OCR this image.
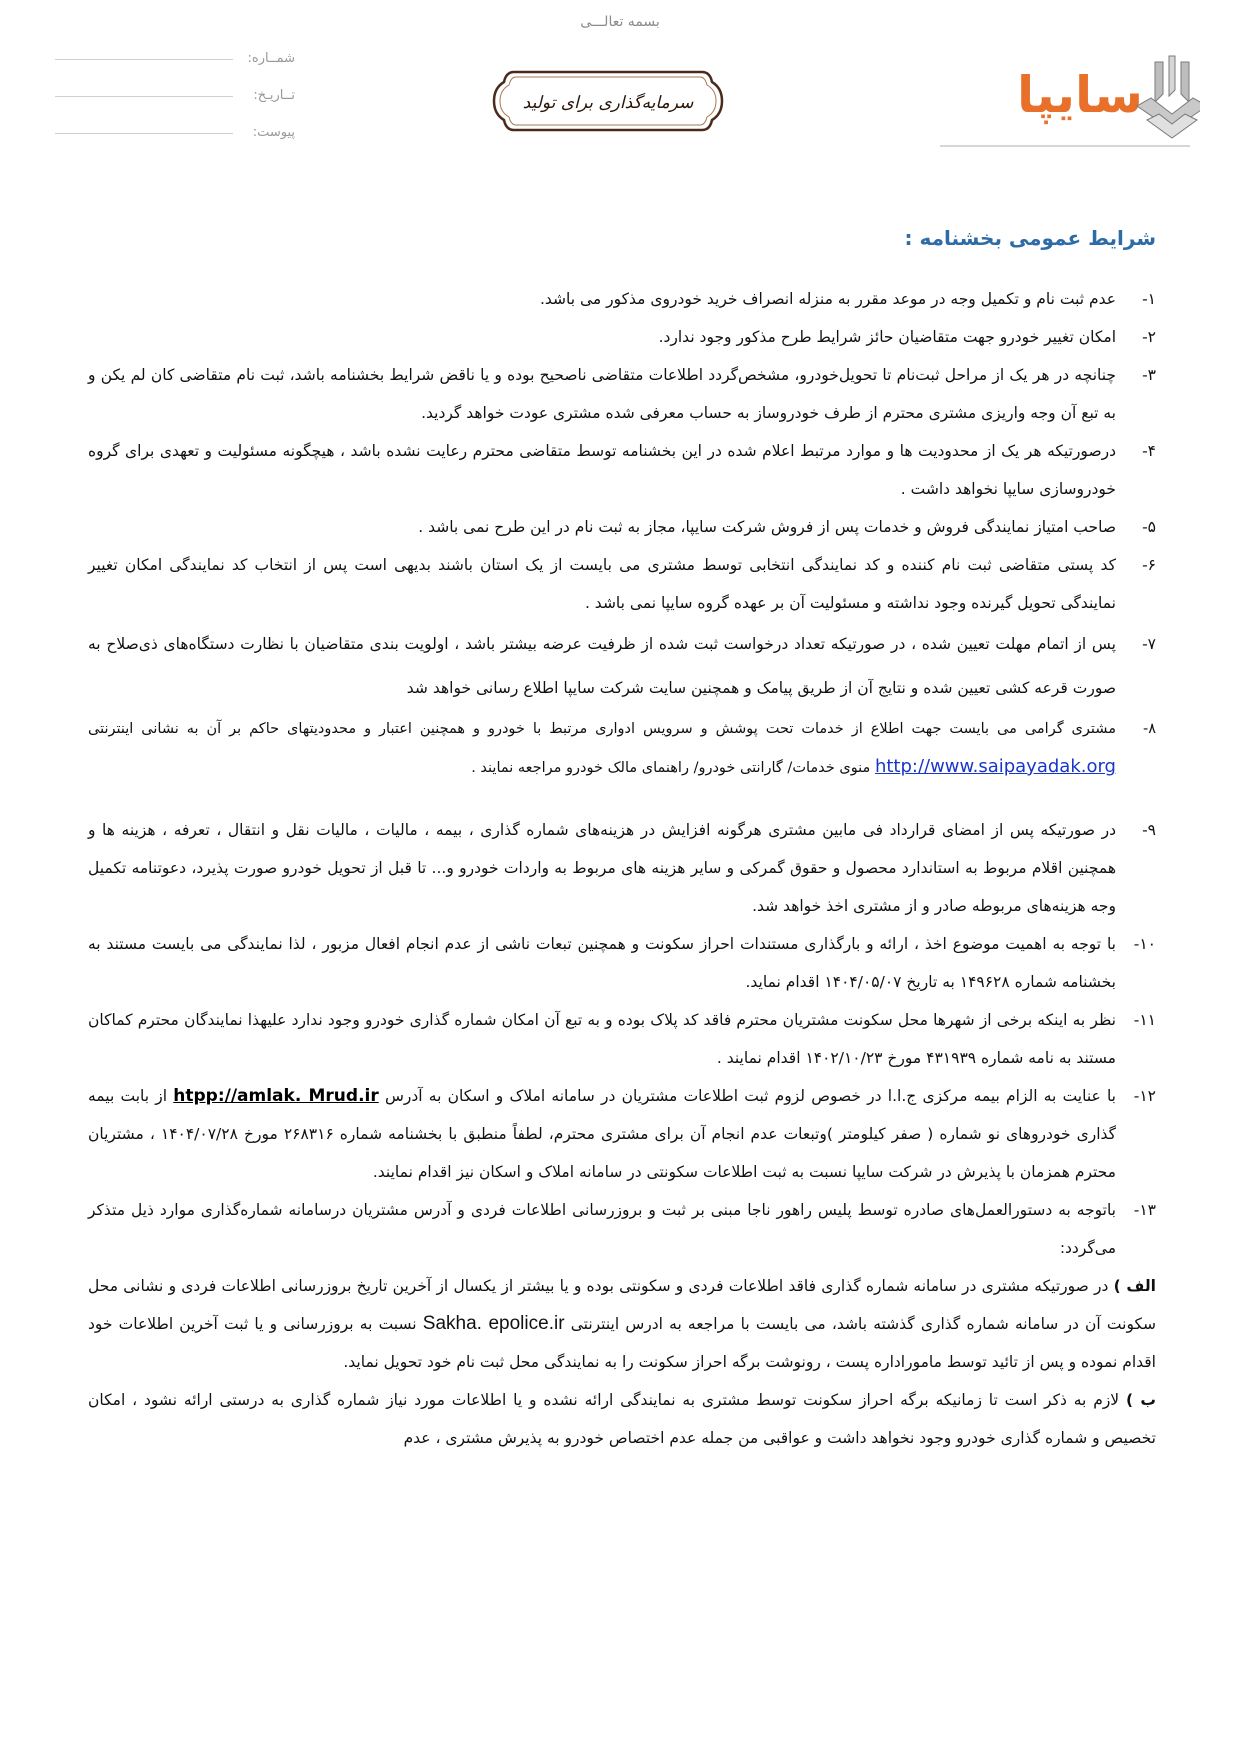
بسمه تعالـــی
شمــاره:
تــاریـخ:
پیوست:
سرمایه‌گذاری برای تولید	سایپا
شرایط عمومی بخشنامه :
۱-
عدم ثبت نام و تکمیل وجه در موعد مقرر به منزله انصراف خرید خودروی مذکور می باشد.
۲-
امکان تغییر خودرو جهت متقاضیان حائز شرایط طرح مذکور وجود ندارد.
۳-
چنانچه در هر یک از مراحل ثبت‌نام تا تحویل‌خودرو، مشخص‌گردد اطلاعات متقاضی ناصحیح بوده و یا ناقض شرایط بخشنامه باشد، ثبت نام متقاضی کان لم یکن و به تبع آن وجه واریزی مشتری محترم از طرف خودروساز به حساب معرفی شده مشتری عودت خواهد گردید.
۴-
درصورتیکه هر یک از محدودیت ها و موارد مرتبط اعلام شده در این بخشنامه توسط متقاضی محترم رعایت نشده باشد ، هیچگونه مسئولیت و تعهدی برای گروه خودروسازی سایپا نخواهد داشت .
۵-
صاحب امتیاز نمایندگی فروش و خدمات پس از فروش شرکت سایپا، مجاز به ثبت نام در این طرح نمی باشد .
۶-
کد پستی متقاضی ثبت نام کننده و کد نمایندگی انتخابی توسط مشتری می بایست از یک استان باشند بدیهی است پس از انتخاب کد نمایندگی امکان تغییر نمایندگی تحویل گیرنده وجود نداشته و مسئولیت آن بر عهده گروه سایپا نمی باشد .
۷-
پس از اتمام مهلت تعیین شده ، در صورتیکه تعداد درخواست ثبت شده از ظرفیت عرضه بیشتر باشد ، اولویت بندی متقاضیان با نظارت دستگاه‌های ذی‌صلاح به صورت قرعه کشی تعیین شده و نتایج آن از طریق پیامک و همچنین سایت شرکت سایپا اطلاع رسانی خواهد شد
۸-
مشتری گرامی می بایست جهت اطلاع از خدمات تحت پوشش و سرویس ادواری مرتبط با خودرو و همچنین اعتبار و محدودیتهای حاکم بر آن به نشانی اینترنتی http://www.saipayadak.org منوی خدمات/ گارانتی خودرو/ راهنمای مالک خودرو مراجعه نمایند .
۹-
در صورتیکه پس از امضای قرارداد فی مابین مشتری هرگونه افزایش در هزینه‌های شماره گذاری ، بیمه ، مالیات ، مالیات نقل و انتقال ، تعرفه ، هزینه ها و همچنین اقلام مربوط به استاندارد محصول و حقوق گمرکی و سایر هزینه های مربوط به واردات خودرو و... تا قبل از تحویل خودرو صورت پذیرد، دعوتنامه تکمیل وجه هزینه‌های مربوطه صادر و از مشتری اخذ خواهد شد.
۱۰-
با توجه به اهمیت موضوع اخذ ، ارائه و بارگذاری مستندات احراز سکونت و همچنین تبعات ناشی از عدم انجام افعال مزبور ، لذا نمایندگی می بایست مستند به بخشنامه شماره ۱۴۹۶۲۸ به تاریخ ۱۴۰۴/۰۵/۰۷ اقدام نماید.
۱۱-
نظر به اینکه برخی از شهرها محل سکونت مشتریان محترم فاقد کد پلاک بوده و به تبع آن امکان شماره گذاری خودرو وجود ندارد علیهذا نمایندگان محترم کماکان مستند به نامه شماره ۴۳۱۹۳۹ مورخ ۱۴۰۲/۱۰/۲۳ اقدام نمایند .
۱۲-
با عنایت به الزام بیمه مرکزی ج.ا.ا در خصوص لزوم ثبت اطلاعات مشتریان در سامانه املاک و اسکان به آدرس htpp://amlak. Mrud.ir از بابت بیمه گذاری خودروهای نو شماره ( صفر کیلومتر )وتبعات عدم انجام آن برای مشتری محترم، لطفاً منطبق با بخشنامه شماره ۲۶۸۳۱۶ مورخ ۱۴۰۴/۰۷/۲۸ ، مشتریان محترم همزمان با پذیرش در شرکت سایپا نسبت به ثبت اطلاعات سکونتی در سامانه املاک و اسکان نیز اقدام نمایند.
۱۳-
باتوجه به دستورالعمل‌های صادره توسط پلیس راهور ناجا مبنی بر ثبت و بروزرسانی اطلاعات فردی و آدرس مشتریان درسامانه شماره‌گذاری موارد ذیل متذکر می‌گردد:
الف ) در صورتیکه مشتری در سامانه شماره گذاری فاقد اطلاعات فردی و سکونتی بوده و یا بیشتر از یکسال از آخرین تاریخ بروزرسانی اطلاعات فردی و نشانی محل سکونت آن در سامانه شماره گذاری گذشته باشد، می بایست با مراجعه به ادرس اینترنتی Sakha. epolice.ir نسبت به بروزرسانی و یا ثبت آخرین اطلاعات خود اقدام نموده و پس از تائید توسط ماموراداره پست ، رونوشت برگه احراز سکونت را به نمایندگی محل ثبت نام خود تحویل نماید.
ب ) لازم به ذکر است تا زمانیکه برگه احراز سکونت توسط مشتری به نمایندگی ارائه نشده و یا اطلاعات مورد نیاز شماره گذاری به درستی ارائه نشود ، امکان تخصیص و شماره گذاری خودرو وجود نخواهد داشت و عواقبی من جمله عدم اختصاص خودرو به پذیرش مشتری ، عدم
